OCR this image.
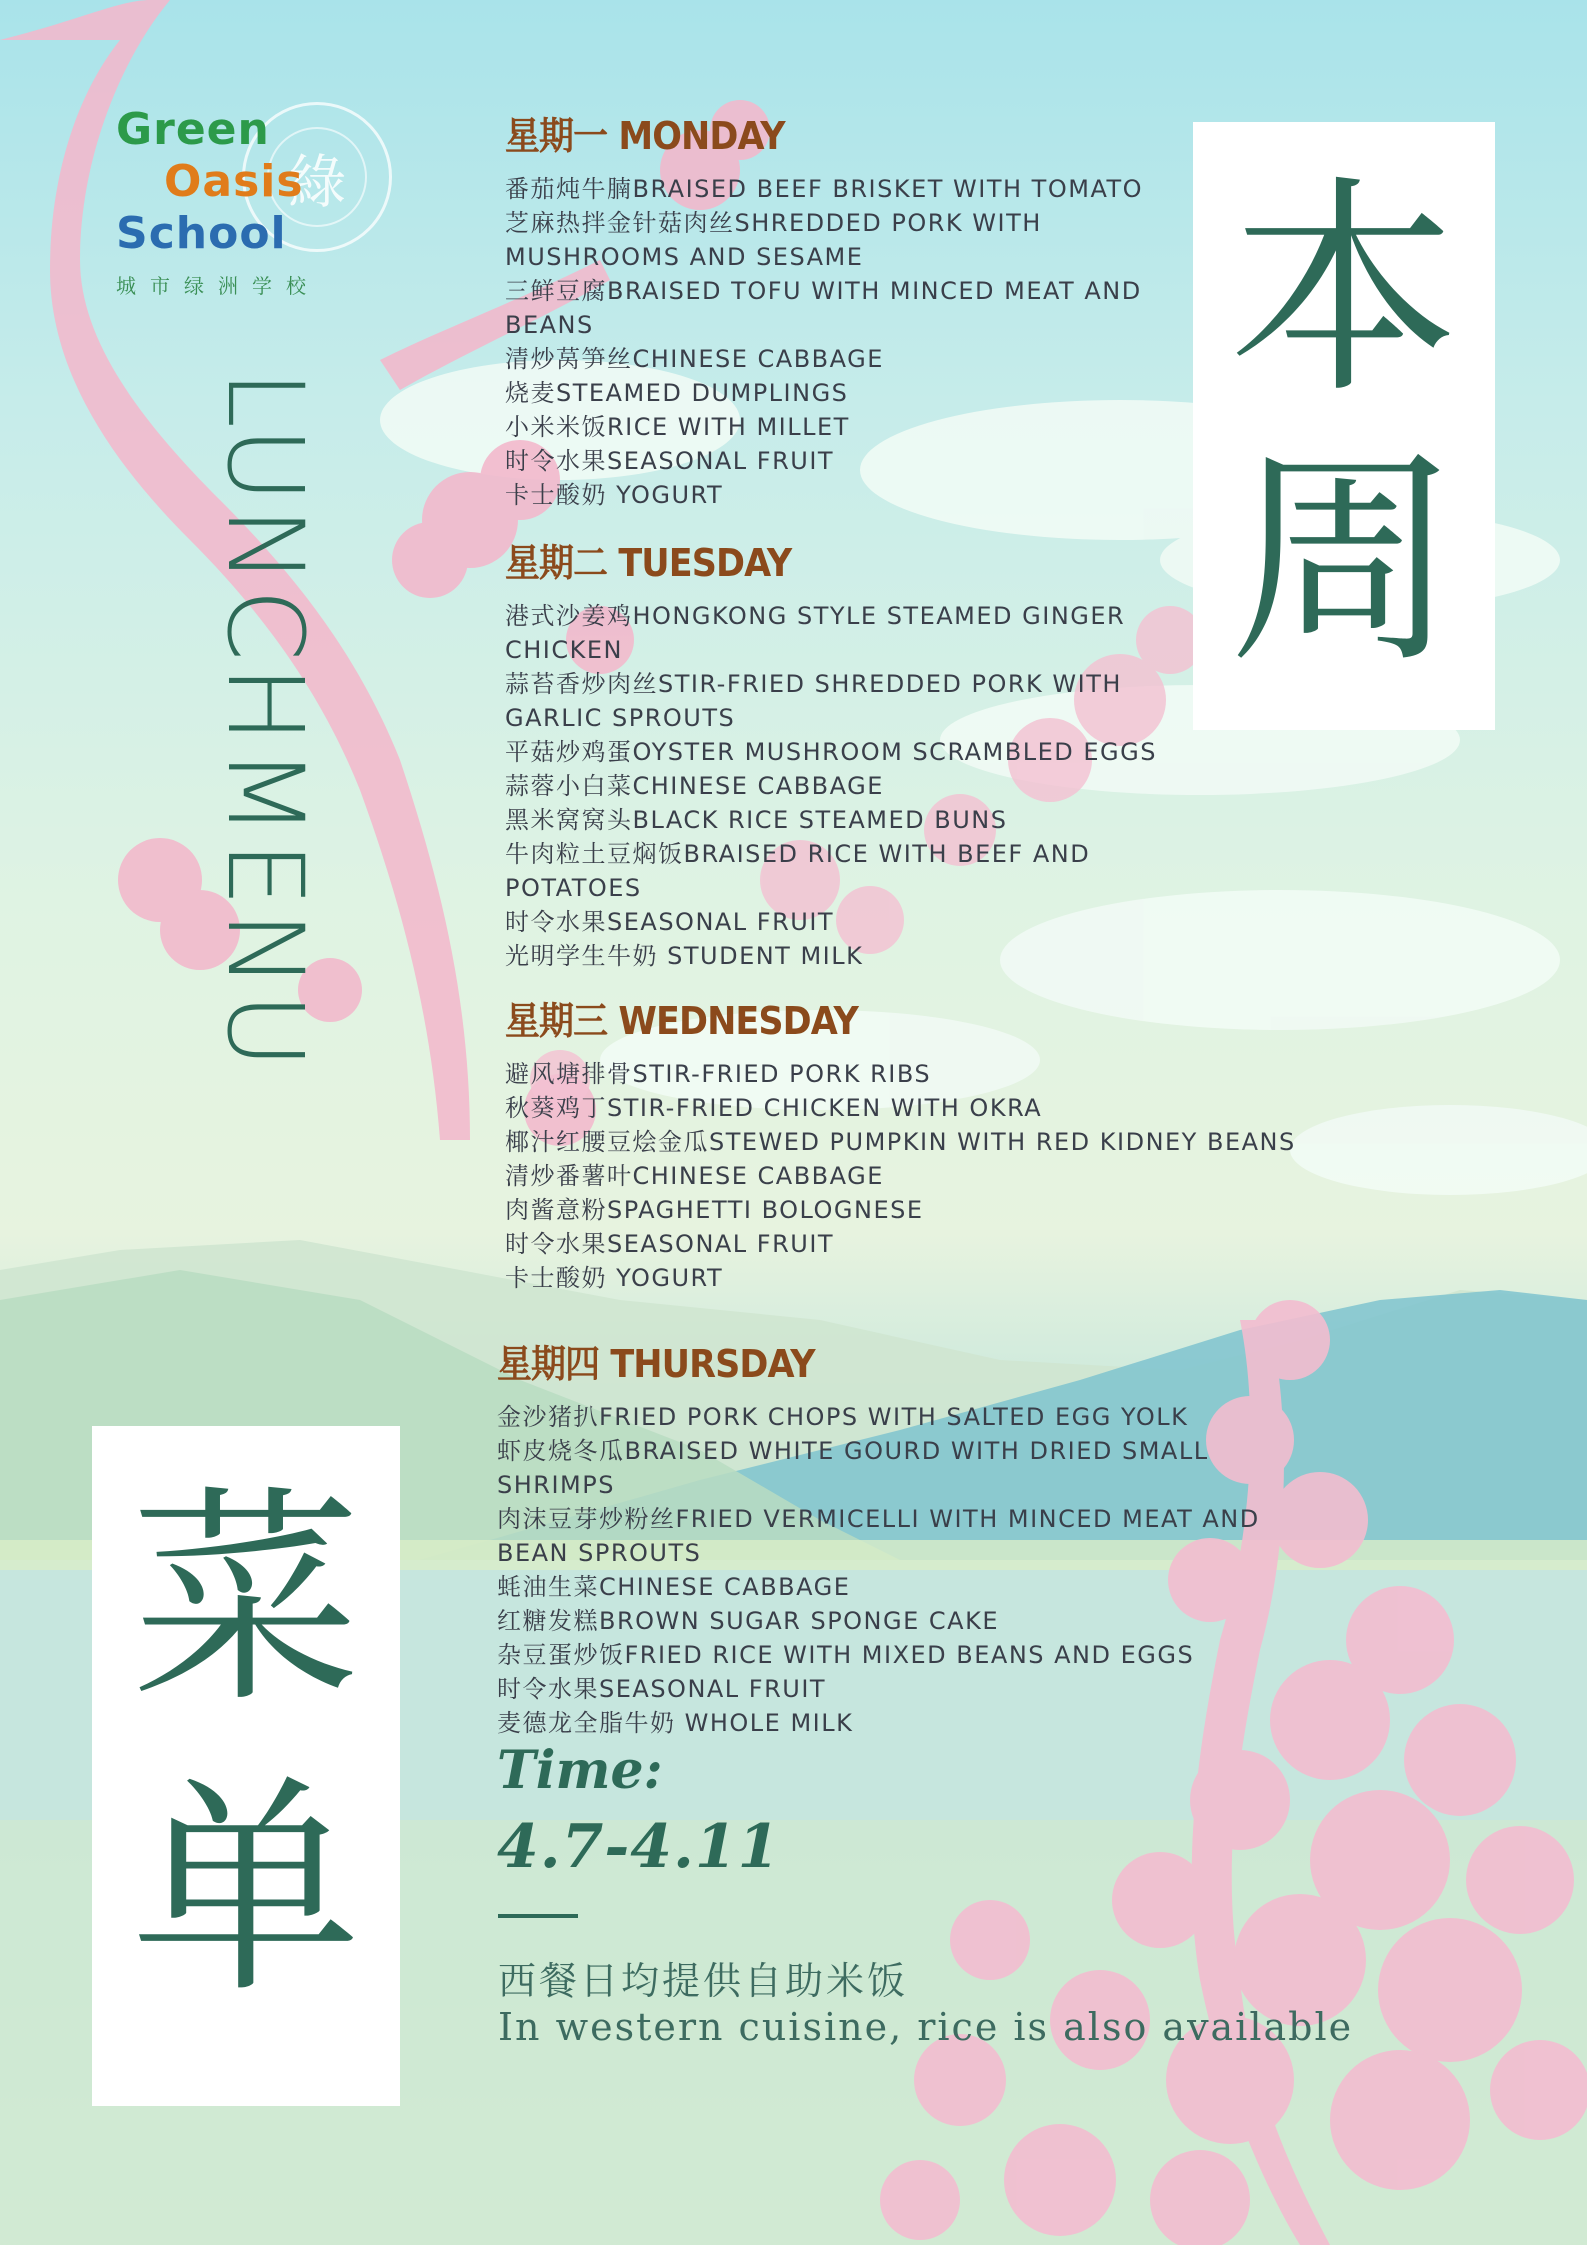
綠
Green
Oasis
School
城市绿洲学校
LUNCHMENU
本
周
菜
单
星期一 MONDAY
番茄炖牛腩BRAISED BEEF BRISKET WITH TOMATO
芝麻热拌金针菇肉丝SHREDDED PORK WITH
MUSHROOMS AND SESAME
三鲜豆腐BRAISED TOFU WITH MINCED MEAT AND
BEANS
清炒莴笋丝CHINESE CABBAGE
烧麦STEAMED DUMPLINGS
小米米饭RICE WITH MILLET
时令水果SEASONAL FRUIT
卡士酸奶 YOGURT
星期二 TUESDAY
港式沙姜鸡HONGKONG STYLE STEAMED GINGER
CHICKEN
蒜苔香炒肉丝STIR-FRIED SHREDDED PORK WITH
GARLIC SPROUTS
平菇炒鸡蛋OYSTER MUSHROOM SCRAMBLED EGGS
蒜蓉小白菜CHINESE CABBAGE
黑米窝窝头BLACK RICE STEAMED BUNS
牛肉粒土豆焖饭BRAISED RICE WITH BEEF AND
POTATOES
时令水果SEASONAL FRUIT
光明学生牛奶 STUDENT MILK
星期三 WEDNESDAY
避风塘排骨STIR-FRIED PORK RIBS
秋葵鸡丁STIR-FRIED CHICKEN WITH OKRA
椰汁红腰豆烩金瓜STEWED PUMPKIN WITH RED KIDNEY BEANS
清炒番薯叶CHINESE CABBAGE
肉酱意粉SPAGHETTI BOLOGNESE
时令水果SEASONAL FRUIT
卡士酸奶 YOGURT
星期四 THURSDAY
金沙猪扒FRIED PORK CHOPS WITH SALTED EGG YOLK
虾皮烧冬瓜BRAISED WHITE GOURD WITH DRIED SMALL
SHRIMPS
肉沫豆芽炒粉丝FRIED VERMICELLI WITH MINCED MEAT AND
BEAN SPROUTS
蚝油生菜CHINESE CABBAGE
红糖发糕BROWN SUGAR SPONGE CAKE
杂豆蛋炒饭FRIED RICE WITH MIXED BEANS AND EGGS
时令水果SEASONAL FRUIT
麦德龙全脂牛奶 WHOLE MILK
Time:
4.7-4.11
西餐日均提供自助米饭
In western cuisine, rice is also available
